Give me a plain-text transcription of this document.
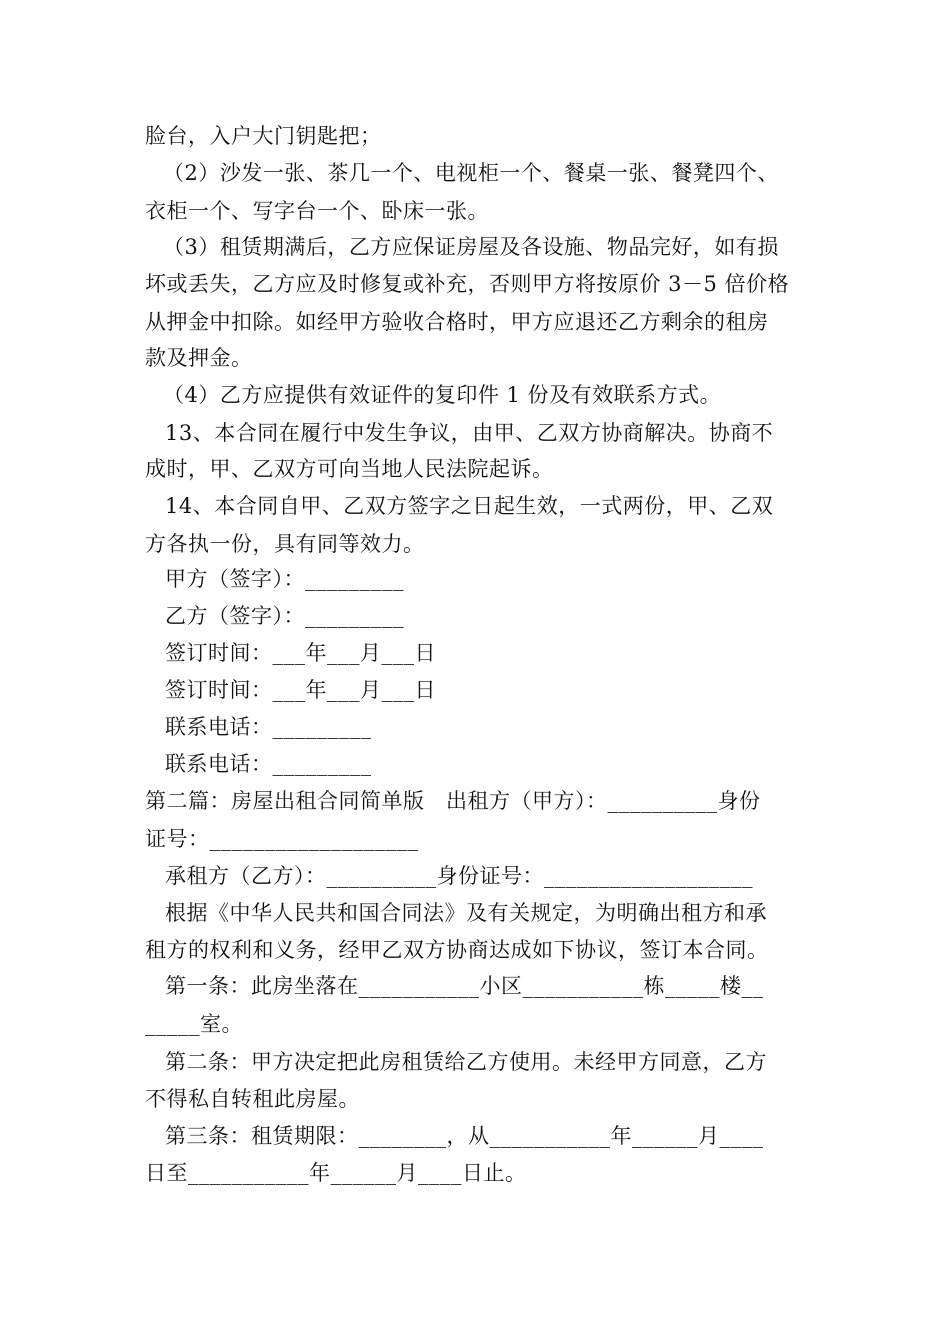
脸台，入户大门钥匙把；
（2）沙发一张、茶几一个、电视柜一个、餐桌一张、餐凳四个、
衣柜一个、写字台一个、卧床一张。
（3）租赁期满后，乙方应保证房屋及各设施、物品完好，如有损
坏或丢失，乙方应及时修复或补充，否则甲方将按原价 3－5 倍价格
从押金中扣除。如经甲方验收合格时，甲方应退还乙方剩余的租房
款及押金。
（4）乙方应提供有效证件的复印件 1 份及有效联系方式。
13、本合同在履行中发生争议，由甲、乙双方协商解决。协商不
成时，甲、乙双方可向当地人民法院起诉。
14、本合同自甲、乙双方签字之日起生效，一式两份，甲、乙双
方各执一份，具有同等效力。
甲方（签字）：_________
乙方（签字）：_________
签订时间：___年___月___日
签订时间：___年___月___日
联系电话：_________
联系电话：_________
第二篇：房屋出租合同简单版　出租方（甲方）：__________身份
证号：___________________
承租方（乙方）：__________身份证号：___________________
根据《中华人民共和国合同法》及有关规定，为明确出租方和承
租方的权利和义务，经甲乙双方协商达成如下协议，签订本合同。
第一条：此房坐落在___________小区___________栋_____楼__
_____室。
第二条：甲方决定把此房租赁给乙方使用。未经甲方同意，乙方
不得私自转租此房屋。
第三条：租赁期限：________，从___________年______月____
日至___________年______月____日止。
